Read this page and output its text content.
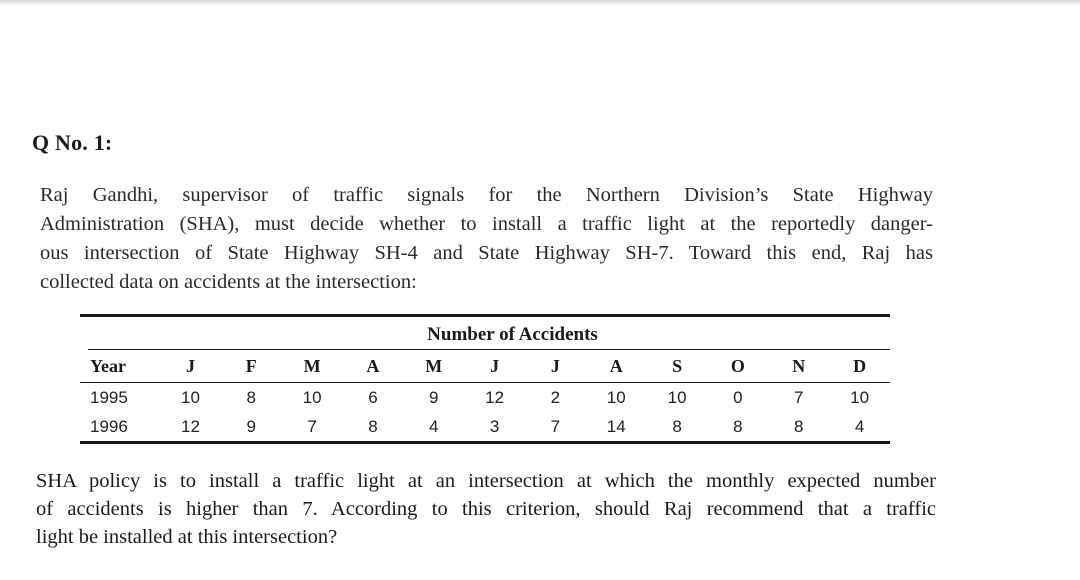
Q No. 1:

Raj Gandhi, supervisor of traffic signals for the Northern Division’s State Highway
Administration (SHA), must decide whether to install a traffic light at the reportedly danger-
ous intersection of State Highway SH-4 and State Highway SH-7. Toward this end, Raj has
collected data on accidents at the intersection:

Number of Accidents
Year	J	F	M	A	M	J	J	A	S	O	N	D
1995	10	8	10	6	9	12	2	10	10	0	7	10
1996	12	9	7	8	4	3	7	14	8	8	8	4

SHA policy is to install a traffic light at an intersection at which the monthly expected number
of accidents is higher than 7. According to this criterion, should Raj recommend that a traffic
light be installed at this intersection?
